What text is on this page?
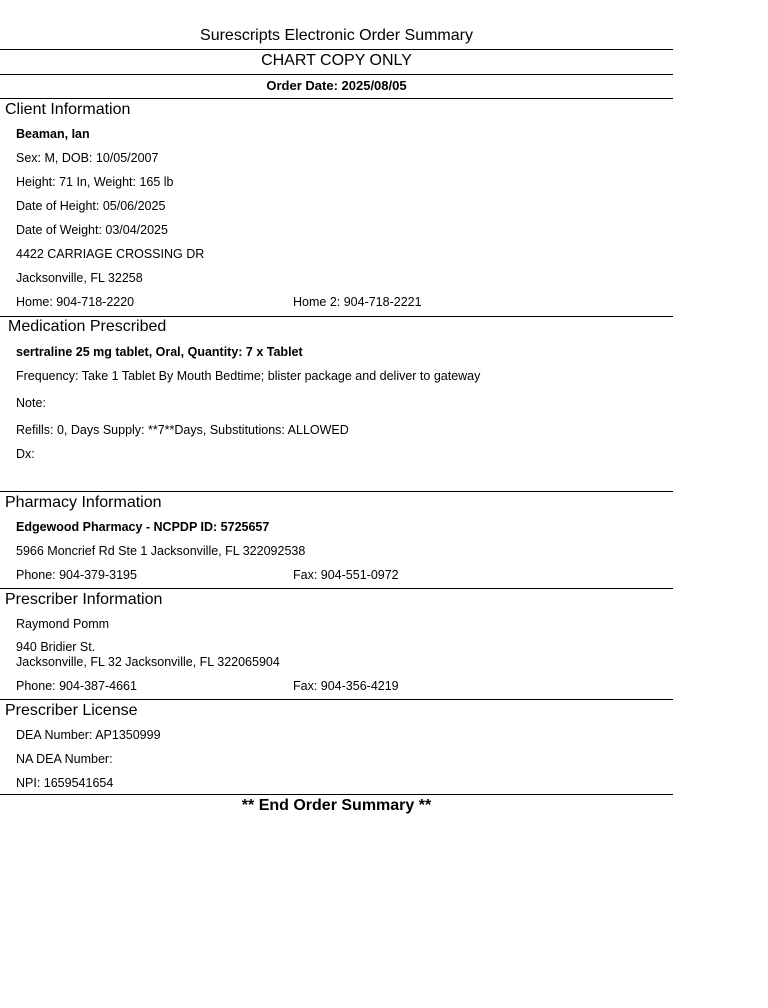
Surescripts Electronic Order Summary
CHART COPY ONLY
Order Date: 2025/08/05
Client Information
Beaman, Ian
Sex: M, DOB: 10/05/2007
Height: 71 In, Weight: 165 lb
Date of Height: 05/06/2025
Date of Weight: 03/04/2025
4422 CARRIAGE CROSSING DR
Jacksonville, FL 32258
Home: 904-718-2220	Home 2: 904-718-2221
Medication Prescribed
sertraline 25 mg tablet, Oral, Quantity: 7 x Tablet
Frequency: Take 1 Tablet By Mouth Bedtime; blister package and deliver to gateway
Note:
Refills: 0, Days Supply: **7**Days, Substitutions: ALLOWED
Dx:
Pharmacy Information
Edgewood Pharmacy - NCPDP ID: 5725657
5966 Moncrief Rd Ste 1 Jacksonville, FL 322092538
Phone: 904-379-3195	Fax: 904-551-0972
Prescriber Information
Raymond Pomm
940 Bridier St.
Jacksonville, FL 32 Jacksonville, FL 322065904
Phone: 904-387-4661	Fax: 904-356-4219
Prescriber License
DEA Number: AP1350999
NA DEA Number:
NPI: 1659541654
** End Order Summary **
